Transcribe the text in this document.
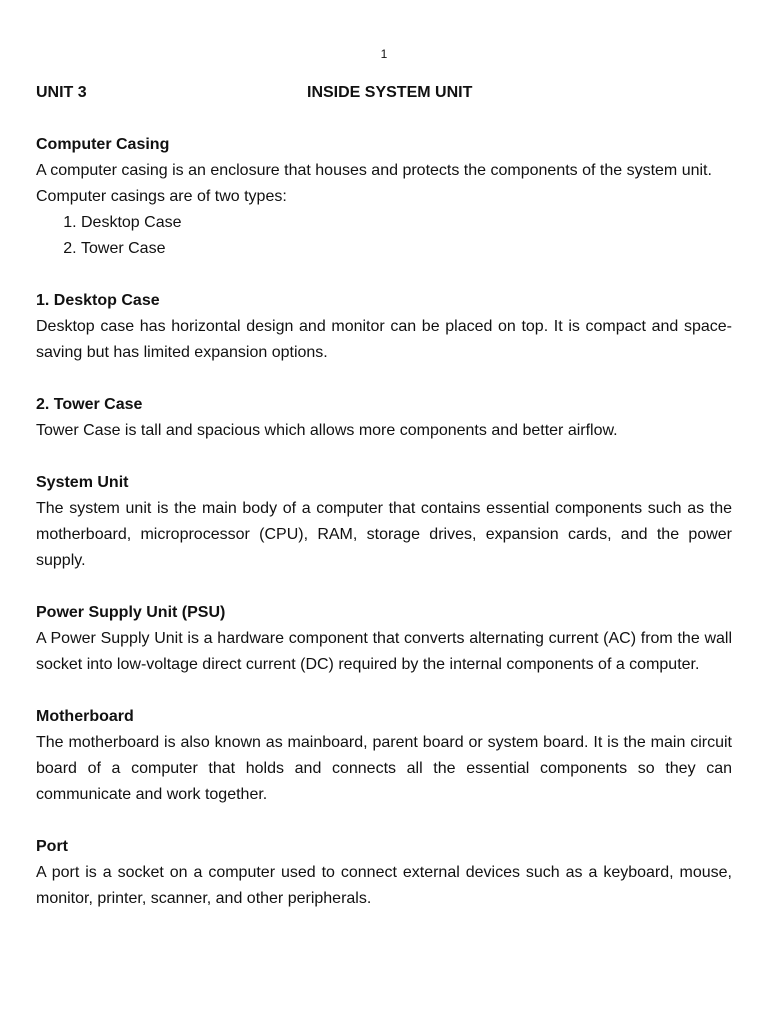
1
UNIT 3	INSIDE SYSTEM UNIT
Computer Casing

A computer casing is an enclosure that houses and protects the components of the system unit.

Computer casings are of two types:

1. Desktop Case
2. Tower Case
1. Desktop Case

Desktop case has horizontal design and monitor can be placed on top. It is compact and space-saving but has limited expansion options.

2. Tower Case

Tower Case is tall and spacious which allows more components and better airflow.

System Unit

The system unit is the main body of a computer that contains essential components such as the motherboard, microprocessor (CPU), RAM, storage drives, expansion cards, and the power supply.

Power Supply Unit (PSU)

A Power Supply Unit is a hardware component that converts alternating current (AC) from the wall socket into low-voltage direct current (DC) required by the internal components of a computer.

Motherboard

The motherboard is also known as mainboard, parent board or system board. It is the main circuit board of a computer that holds and connects all the essential components so they can communicate and work together.

Port

A port is a socket on a computer used to connect external devices such as a keyboard, mouse, monitor, printer, scanner, and other peripherals.
